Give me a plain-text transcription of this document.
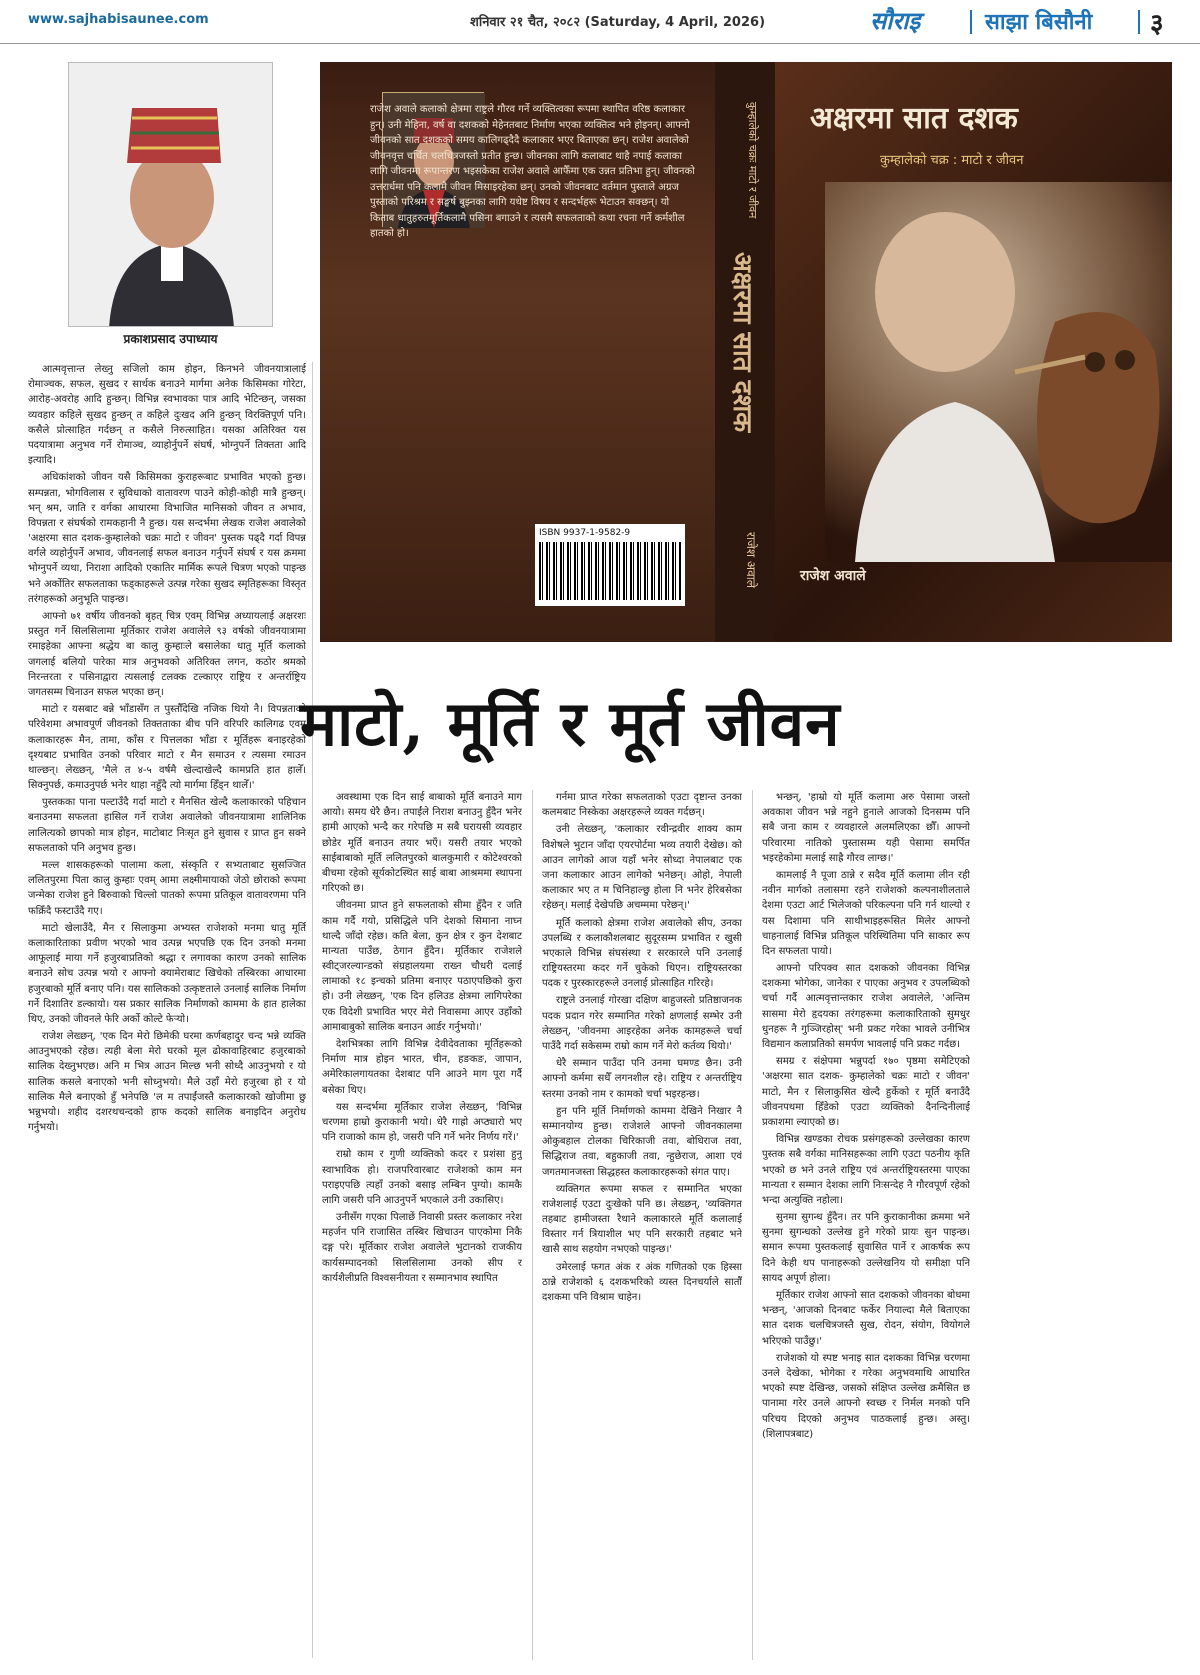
www.sajhabisaunee.com	शनिवार २१ चैत, २०८२ (Saturday, 4 April, 2026)	सौराइ	साझा बिसौनी ३
प्रकाशप्रसाद उपाध्याय

आत्मवृत्तान्त लेख्नु सजिलो काम होइन, किनभने जीवनयात्रालाई रोमाञ्चक, सफल, सुखद र सार्थक बनाउने मार्गमा अनेक किसिमका गोरेटा, आरोह-अवरोह आदि हुन्छन्। विभिन्न स्वभावका पात्र आदि भेटिन्छन्, जसका व्यवहार कहिले सुखद हुन्छन् त कहिले दुःखद अनि हुन्छन् विरक्तिपूर्ण पनि। कसैले प्रोत्साहित गर्दछन् त कसैले निरुत्साहित। यसका अतिरिक्त यस पदयात्रामा अनुभव गर्ने रोमाञ्च, व्याहोर्नुपर्ने संघर्ष, भोग्नुपर्ने तिक्तता आदि इत्यादि।

अधिकांशको जीवन यसै किसिमका कुराहरूबाट प्रभावित भएको हुन्छ। सम्पन्नता, भोगविलास र सुविधाको वातावरण पाउने कोही-कोही मात्रै हुन्छन्। भन् श्रम, जाति र वर्गका आधारमा विभाजित मानिसको जीवन त अभाव, विपन्नता र संघर्षको रामकहानी नै हुन्छ। यस सन्दर्भमा लेखक राजेश अवालेको 'अक्षरमा सात दशक-कुम्हालेको चक्रः माटो र जीवन' पुस्तक पढ्दै गर्दा विपन्न वर्गले व्यहोर्नुपर्ने अभाव, जीवनलाई सफल बनाउन गर्नुपर्ने संघर्ष र यस क्रममा भोग्नुपर्ने व्यथा, निराशा आदिको एकातिर मार्मिक रूपले चित्रण भएको पाइन्छ भने अर्कोतिर सफलताका फड्काहरूले उत्पन्न गरेका सुखद स्मृतिहरूका विस्तृत तरंगहरूको अनुभूति पाइन्छ।

आफ्नो ७१ वर्षीय जीवनको बृहत् चित्र एवम् विभिन्न अध्यायलाई अक्षरशः प्रस्तुत गर्ने सिलसिलामा मूर्तिकार राजेश अवालेले ९३ वर्षको जीवनयात्रामा रमाइहेका आफ्ना श्रद्धेय बा कालु कुम्हाःले बसालेका धातु मूर्ति कलाको जगलाई बलियो पारेका मात्र अनुभवको अतिरिक्त लगन, कठोर श्रमको निरन्तरता र पसिनाद्वारा त्यसलाई टलक्क टल्काएर राष्ट्रिय र अन्तर्राष्ट्रिय जगतसम्म चिनाउन सफल भएका छन्।

माटो र यसबाट बन्ने भाँडासँग त पुस्तौँदेखि नजिक थियो नै। विपन्नताको परिवेशमा अभावपूर्ण जीवनको तिक्तताका बीच पनि वरिपरि कालिगढ एवम् कलाकारहरू मैन, तामा, काँस र पित्तलका भाँडा र मूर्तिहरू बनाइरहेको दृश्यबाट प्रभावित उनको परिवार माटो र मैन समाउन र त्यसमा रमाउन थाल्छन्। लेख्छन्, 'मैले त ४-५ वर्षमै खेल्दाखेल्दै कामप्रति हात हालेँ। सिक्नुपर्छ, कमाउनुपर्छ भनेर थाहा नहुँदै त्यो मार्गमा हिँड्न थालेँ।'

पुस्तकका पाना पल्टाउँदै गर्दा माटो र मैनसित खेल्दै कलाकारको पहिचान बनाउनमा सफलता हासिल गर्ने राजेश अवालेको जीवनयात्रामा शालिनिक लालित्यको छापको मात्र होइन, माटोबाट निःसृत हुने सुवास र प्राप्त हुन सक्ने सफलताको पनि अनुभव हुन्छ।

मल्ल शासकहरूको पालामा कला, संस्कृति र सभ्यताबाट सुसज्जित ललितपुरमा पिता कालु कुम्हाः एवम् आमा लक्ष्मीमायाको जेठो छोराको रूपमा जन्मेका राजेश हुने बिरुवाको चिल्लो पातको रूपमा प्रतिकूल वातावरणमा पनि फक्रिँदै फस्टाउँदै गए।

माटो खेलाउँदै, मैन र सिलाकुमा अभ्यस्त राजेशको मनमा धातु मूर्ति कलाकारिताका प्रवीण भएको भाव उत्पन्न भएपछि एक दिन उनको मनमा आफूलाई माया गर्ने हजुरबाप्रतिको श्रद्धा र लगावका कारण उनको सालिक बनाउने सोच उत्पन्न भयो र आफ्नो क्यामेराबाट खिचेको तस्बिरका आधारमा हजुरबाको मूर्ति बनाए पनि। यस सालिकको उत्कृष्टताले उनलाई सालिक निर्माण गर्ने दिशातिर डल्कायो। यस प्रकार सालिक निर्माणको काममा के हात हालेका थिए, उनको जीवनले फेरि अर्को कोल्टे फेर्‍यो।

राजेश लेख्छन्, 'एक दिन मेरो छिमेकी घरमा कर्णबहादुर चन्द भन्ने व्यक्ति आउनुभएको रहेछ। त्यही बेला मेरो घरको मूल ढोकावाहिरबाट हजुरबाको सालिक देख्नुभएछ। अनि म भित्र आउन मिल्छ भनी सोध्दै आउनुभयो र यो सालिक कसले बनाएको भनी सोध्नुभयो। मैले उहाँ मेरो हजुरबा हो र यो सालिक मैले बनाएको हुँ भनेपछि 'ल म तपाईंजस्तै कलाकारको खोजीमा छु भन्नुभयो। शहीद दशरथचन्दको हाफ कदको सालिक बनाइदिन अनुरोध गर्नुभयो।

राजेश अवाले कलाको क्षेत्रमा राष्ट्रले गौरव गर्ने व्यक्तित्वका रूपमा स्थापित वरिष्ठ कलाकार हुन्। उनी मेहिना, वर्ष वा दशकको मेहेनतबाट निर्माण भएका व्यक्तित्व भने होइनन्। आफ्नो जीवनको सात दशकको समय कालिगढ्दैदै कलाकार भएर बिताएका छन्। राजेश अवालेको जीवनवृत्त चर्चित चलचित्रजस्तो प्रतीत हुन्छ। जीवनका लागि कलाबाट थाहै नपाई कलाका लागि जीवनमा रूपान्तरण भइसकेका राजेश अवाले आफैँमा एक उन्नत प्रतिभा हुन्। जीवनको उत्तरार्धमा पनि कलामै जीवन मिसाइरहेका छन्। उनको जीवनबाट वर्तमान पुस्ताले अग्रज पुस्ताको परिश्रम र सङ्घर्ष बुझ्नका लागि यथेष्ट विषय र सन्दर्भहरू भेटाउन सक्छन्। यो किताब धातुहरुतमूर्तिकलामै पसिना बगाउने र त्यसमै सफलताको कथा रचना गर्ने कर्मशील हातको हो।
ISBN 9937-1-9582-9
कुम्हालेको चक्रः माटो र जीवन
अक्षरमा सात दशक
राजेश अवाले
अक्षरमा सात दशक
कुम्हालेको चक्र : माटो र जीवन
राजेश अवाले
माटो, मूर्ति र मूर्त जीवन

अवस्थामा एक दिन साई बाबाको मूर्ति बनाउने माग आयो। समय धेरै छैन। तपाईंले निराश बनाउनु हुँदैन भनेर हामी आएको भन्दै कर गरेपछि म सबै घरायसी व्यवहार छोडेर मूर्ति बनाउन तयार भएँ। यसरी तयार भएको साईबाबाको मूर्ति ललितपुरको बालकुमारी र कोटेश्वरको बीचमा रहेको सूर्यकोटस्थित साई बाबा आश्रममा स्थापना गरिएको छ।

जीवनमा प्राप्त हुने सफलताको सीमा हुँदैन र जति काम गर्दै गयो, प्रसिद्धिले पनि देशको सिमाना नाघ्न थाल्दै जाँदो रहेछ। कति बेला, कुन क्षेत्र र कुन देशबाट मान्यता पाउँछ, ठेगान हुँदैन। मूर्तिकार राजेशले स्वीट्जरल्यान्डको संग्रहालयमा राख्न चौधरी दलाई लामाको १८ इन्चको प्रतिमा बनाएर पठाएपछिको कुरा हो। उनी लेख्छन्, 'एक दिन हलिउड क्षेत्रमा लागिपरेका एक विदेशी प्रभावित भएर मेरो निवासमा आएर उहाँको आमाबाबुको सालिक बनाउन आर्डर गर्नुभयो।'

देशभित्रका लागि विभिन्न देवीदेवताका मूर्तिहरूको निर्माण मात्र होइन भारत, चीन, हङकङ, जापान, अमेरिकालगायतका देशबाट पनि आउने माग पूरा गर्दै बसेका थिए।

यस सन्दर्भमा मूर्तिकार राजेश लेख्छन्, 'विभिन्न चरणमा हाम्रो कुराकानी भयो। धेरै गाह्रो अप्ठ्यारो भए पनि राजाको काम हो, जसरी पनि गर्ने भनेर निर्णय गरें।'

राम्रो काम र गुणी व्यक्तिको कदर र प्रशंसा हुनु स्वाभाविक हो। राजपरिवारबाट राजेशको काम मन पराइएपछि त्यहाँ उनको बसाइ लम्बिन पुग्यो। कामकै लागि जसरी पनि आउनुपर्ने भएकाले उनी उकासिए।

उनीसँग गएका पिलाछें निवासी प्रस्तर कलाकार नरेश महर्जन पनि राजासित तस्बिर खिचाउन पाएकोमा निकै दङ्ग परे। मूर्तिकार राजेश अवालेले भुटानको राजकीय कार्यसम्पादनको सिलसिलामा उनको सीप र कार्यशैलीप्रति विश्वसनीयता र सम्मानभाव स्थापित

गर्नमा प्राप्त गरेका सफलताको एउटा दृष्टान्त उनका कलमबाट निस्केका अक्षरहरूले व्यक्त गर्दछन्।

उनी लेख्छन्, 'कलाकार रवीन्द्रवीर शाक्य काम विशेषले भुटान जाँदा एयरपोर्टमा भव्य तयारी देखेछ। को आउन लागेको आज यहाँ भनेर सोध्दा नेपालबाट एक जना कलाकार आउन लागेको भनेछन्। ओहो, नेपाली कलाकार भए त म चिनिहाल्छु होला नि भनेर हेरिबसेका रहेछन्। मलाई देखेपछि अचम्ममा परेछन्।'

मूर्ति कलाको क्षेत्रमा राजेश अवालेको सीप, उनका उपलब्धि र कलाकौशलबाट सुदूरसम्म प्रभावित र खुसी भएकाले विभिन्न संघसंस्था र सरकारले पनि उनलाई राष्ट्रियस्तरमा कदर गर्ने चुकेको थिएन। राष्ट्रियस्तरका पदक र पुरस्कारहरूले उनलाई प्रोत्साहित गरिरहे।

राष्ट्रले उनलाई गोरखा दक्षिण बाहुजस्तो प्रतिष्ठाजनक पदक प्रदान गरेर सम्मानित गरेको क्षणलाई सम्भेर उनी लेख्छन्, 'जीवनमा आइरहेका अनेक कामहरूले चर्चा पाउँदै गर्दा सकेसम्म राम्रो काम गर्ने मेरो कर्तव्य थियो।'

धेरै सम्मान पाउँदा पनि उनमा घमण्ड छैन। उनी आफ्नो कर्ममा सधैँ लगनशील रहे। राष्ट्रिय र अन्तर्राष्ट्रिय स्तरमा उनको नाम र कामको चर्चा भइरहन्छ।

हुन पनि मूर्ति निर्माणको काममा देखिने निखार नै सम्मानयोग्य हुन्छ। राजेशले आफ्नो जीवनकालमा ओकुबहाल टोलका चिरिकाजी तवा, बोधिराज तवा, सिद्धिराज तवा, बहुकाजी तवा, न्हुछेराज, आशा एवं जगतमानजस्ता सिद्धहस्त कलाकारहरूको संगत पाए।

व्यक्तिगत रूपमा सफल र सम्मानित भएका राजेशलाई एउटा दुःखेको पनि छ। लेख्छन्, 'व्यक्तिगत तहबाट हामीजस्ता रैथाने कलाकारले मूर्ति कलालाई विस्तार गर्न त्रियाशील भए पनि सरकारी तहबाट भने खासै साथ सहयोग नभएको पाइन्छ।'

उमेरलाई फगत अंक र अंक गणितको एक हिस्सा ठान्ने राजेशको ६ दशकभरिको व्यस्त दिनचर्याले सातौँ दशकमा पनि विश्राम चाहेन।

भन्छन्, 'हाम्रो यो मूर्ति कलामा अरु पेसामा जस्तो अवकाश जीवन भन्ने नहुने हुनाले आजको दिनसम्म पनि सबै जना काम र व्यवहारले अलमलिएका छौँ। आफ्नो परिवारमा नातिको पुस्तासम्म यही पेसामा समर्पित भइरहेकोमा मलाई साह्रै गौरव लाग्छ।'

कामलाई नै पूजा ठान्ने र सदैव मूर्ति कलामा लीन रही नवीन मार्गको तलासमा रहने राजेशको कल्पनाशीलताले देशमा एउटा आर्ट भिलेजको परिकल्पना पनि गर्न थाल्यो र यस दिशामा पनि साथीभाइहरूसित मिलेर आफ्नो चाहनालाई विभिन्न प्रतिकूल परिस्थितिमा पनि साकार रूप दिन सफलता पायो।

आफ्नो परिपक्व सात दशकको जीवनका विभिन्न दशकमा भोगेका, जानेका र पाएका अनुभव र उपलब्धिको चर्चा गर्दै आत्मवृत्तान्तकार राजेश अवालेले, 'अन्तिम सासमा मेरो हृदयका तरंगहरूमा कलाकारिताको सुमधुर धुनहरू नै गुञ्जिरहोस्' भनी प्रकट गरेका भावले उनीभित्र विद्यमान कलाप्रतिको समर्पण भावलाई पनि प्रकट गर्दछ।

समग्र र संक्षेपमा भन्नुपर्दा १७० पृष्ठमा समेटिएको 'अक्षरमा सात दशक- कुम्हालेको चक्रः माटो र जीवन' माटो, मैन र सिलाकुसित खेल्दै हुर्केको र मूर्ति बनाउँदै जीवनपथमा हिँडेको एउटा व्यक्तिको दैनन्दिनीलाई प्रकाशमा ल्याएको छ।

विभिन्न खण्डका रोचक प्रसंगहरूको उल्लेखका कारण पुस्तक सबै वर्गका मानिसहरूका लागि एउटा पठनीय कृति भएको छ भने उनले राष्ट्रिय एवं अन्तर्राष्ट्रियस्तरमा पाएका मान्यता र सम्मान देशका लागि निःसन्देह नै गौरवपूर्ण रहेको भन्दा अत्युक्ति नहोला।

सुनमा सुगन्ध हुँदैन। तर पनि कुराकानीका क्रममा भने सुनमा सुगन्धको उल्लेख हुने गरेको प्रायः सुन पाइन्छ। समान रूपमा पुस्तकलाई सुवासित पार्ने र आकर्षक रूप दिने केही थप पानाहरूको उल्लेखनिय यो समीक्षा पनि सायद अपूर्ण होला।

मूर्तिकार राजेश आफ्नो सात दशकको जीवनका बोधमा भन्छन्, 'आजको दिनबाट फर्केर नियाल्दा मैले बिताएका सात दशक चलचित्रजस्तै सुख, रोदन, संयोग, वियोगले भरिएको पाउँछु।'

राजेशको यो स्पष्ट भनाइ सात दशकका विभिन्न चरणमा उनले देखेका, भोगेका र गरेका अनुभवमाथि आधारित भएको स्पष्ट देखिन्छ, जसको संक्षिप्त उल्लेख क्रमैसित छ पानामा गरेर उनले आफ्नो स्वच्छ र निर्मल मनको पनि परिचय दिएको अनुभव पाठकलाई हुन्छ। अस्तु। (शिलापत्रबाट)
